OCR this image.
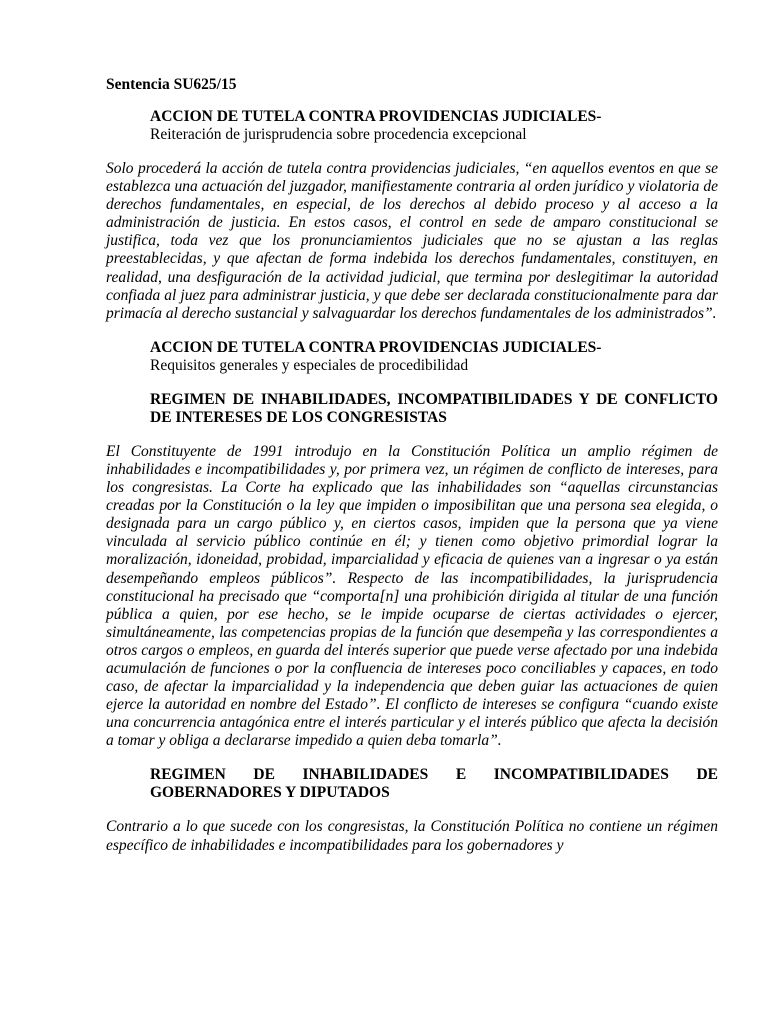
Sentencia SU625/15
ACCION DE TUTELA CONTRA PROVIDENCIAS JUDICIALES-
Reiteración de jurisprudencia sobre procedencia excepcional
Solo procederá la acción de tutela contra providencias judiciales, “en aquellos eventos en que se establezca una actuación del juzgador, manifiestamente contraria al orden jurídico y violatoria de derechos fundamentales, en especial, de los derechos al debido proceso y al acceso a la administración de justicia. En estos casos, el control en sede de amparo constitucional se justifica, toda vez que los pronunciamientos judiciales que no se ajustan a las reglas preestablecidas, y que afectan de forma indebida los derechos fundamentales, constituyen, en realidad, una desfiguración de la actividad judicial, que termina por deslegitimar la autoridad confiada al juez para administrar justicia, y que debe ser declarada constitucionalmente para dar primacía al derecho sustancial y salvaguardar los derechos fundamentales de los administrados”.
ACCION DE TUTELA CONTRA PROVIDENCIAS JUDICIALES-
Requisitos generales y especiales de procedibilidad
REGIMEN DE INHABILIDADES, INCOMPATIBILIDADES Y DE CONFLICTO DE INTERESES DE LOS CONGRESISTAS
El Constituyente de 1991 introdujo en la Constitución Política un amplio régimen de inhabilidades e incompatibilidades y, por primera vez, un régimen de conflicto de intereses, para los congresistas. La Corte ha explicado que las inhabilidades son “aquellas circunstancias creadas por la Constitución o la ley que impiden o imposibilitan que una persona sea elegida, o designada para un cargo público y, en ciertos casos, impiden que la persona que ya viene vinculada al servicio público continúe en él; y tienen como objetivo primordial lograr la moralización, idoneidad, probidad, imparcialidad y eficacia de quienes van a ingresar o ya están desempeñando empleos públicos”. Respecto de las incompatibilidades, la jurisprudencia constitucional ha precisado que “comporta[n] una prohibición dirigida al titular de una función pública a quien, por ese hecho, se le impide ocuparse de ciertas actividades o ejercer, simultáneamente, las competencias propias de la función que desempeña y las correspondientes a otros cargos o empleos, en guarda del interés superior que puede verse afectado por una indebida acumulación de funciones o por la confluencia de intereses poco conciliables y capaces, en todo caso, de afectar la imparcialidad y la independencia que deben guiar las actuaciones de quien ejerce la autoridad en nombre del Estado”. El conflicto de intereses se configura “cuando existe una concurrencia antagónica entre el interés particular y el interés público que afecta la decisión a tomar y obliga a declararse impedido a quien deba tomarla”.
REGIMEN DE INHABILIDADES E INCOMPATIBILIDADES DE GOBERNADORES Y DIPUTADOS
Contrario a lo que sucede con los congresistas, la Constitución Política no contiene un régimen específico de inhabilidades e incompatibilidades para los gobernadores y
